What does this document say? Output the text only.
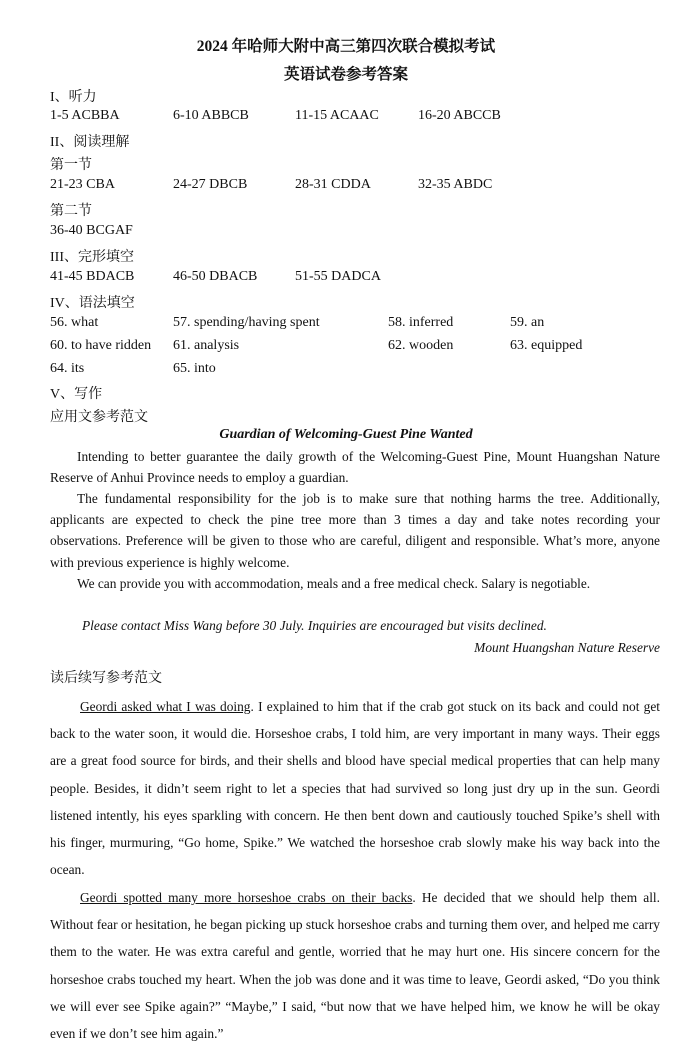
2024 年哈师大附中高三第四次联合模拟考试
英语试卷参考答案
I、听力
1-5 ACBBA	6-10 ABBCB	11-15 ACAAC	16-20 ABCCB
II、阅读理解
第一节
21-23 CBA	24-27 DBCB	28-31 CDDA	32-35 ABDC
第二节
36-40 BCGAF
III、完形填空
41-45 BDACB	46-50 DBACB	51-55 DADCA
IV、语法填空
56. what	57. spending/having spent	58. inferred	59. an
60. to have ridden 61. analysis	62. wooden	63. equipped
64. its	65. into
V、写作
应用文参考范文
Guardian of Welcoming-Guest Pine Wanted
Intending to better guarantee the daily growth of the Welcoming-Guest Pine, Mount Huangshan Nature Reserve of Anhui Province needs to employ a guardian.
The fundamental responsibility for the job is to make sure that nothing harms the tree. Additionally, applicants are expected to check the pine tree more than 3 times a day and take notes recording your observations. Preference will be given to those who are careful, diligent and responsible. What’s more, anyone with previous experience is highly welcome.
We can provide you with accommodation, meals and a free medical check. Salary is negotiable.
Please contact Miss Wang before 30 July. Inquiries are encouraged but visits declined.
Mount Huangshan Nature Reserve
读后续写参考范文
Geordi asked what I was doing. I explained to him that if the crab got stuck on its back and could not get back to the water soon, it would die. Horseshoe crabs, I told him, are very important in many ways. Their eggs are a great food source for birds, and their shells and blood have special medical properties that can help many people. Besides, it didn’t seem right to let a species that had survived so long just dry up in the sun. Geordi listened intently, his eyes sparkling with concern. He then bent down and cautiously touched Spike’s shell with his finger, murmuring, “Go home, Spike.” We watched the horseshoe crab slowly make his way back into the ocean.
Geordi spotted many more horseshoe crabs on their backs. He decided that we should help them all. Without fear or hesitation, he began picking up stuck horseshoe crabs and turning them over, and helped me carry them to the water. He was extra careful and gentle, worried that he may hurt one. His sincere concern for the horseshoe crabs touched my heart. When the job was done and it was time to leave, Geordi asked, “Do you think we will ever see Spike again?” “Maybe,” I said, “but now that we have helped him, we know he will be okay even if we don’t see him again.”
